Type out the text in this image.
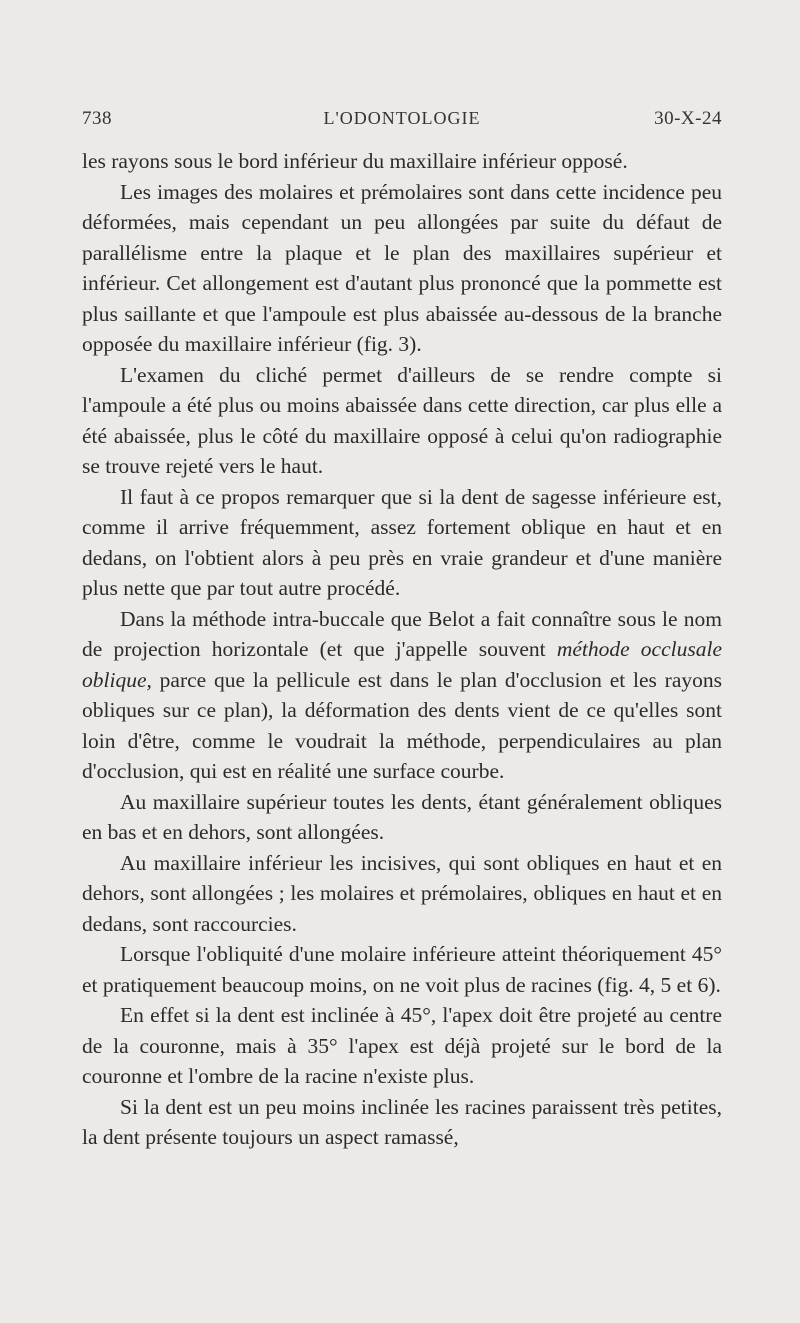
738	L'ODONTOLOGIE	30-X-24

les rayons sous le bord inférieur du maxillaire inférieur opposé.

Les images des molaires et prémolaires sont dans cette incidence peu déformées, mais cependant un peu allongées par suite du défaut de parallélisme entre la plaque et le plan des maxillaires supérieur et inférieur. Cet allongement est d'autant plus prononcé que la pommette est plus saillante et que l'ampoule est plus abaissée au-dessous de la branche opposée du maxillaire inférieur (fig. 3).

L'examen du cliché permet d'ailleurs de se rendre compte si l'ampoule a été plus ou moins abaissée dans cette direction, car plus elle a été abaissée, plus le côté du maxillaire opposé à celui qu'on radiographie se trouve rejeté vers le haut.

Il faut à ce propos remarquer que si la dent de sagesse inférieure est, comme il arrive fréquemment, assez fortement oblique en haut et en dedans, on l'obtient alors à peu près en vraie grandeur et d'une manière plus nette que par tout autre procédé.

Dans la méthode intra-buccale que Belot a fait connaître sous le nom de projection horizontale (et que j'appelle souvent méthode occlusale oblique, parce que la pellicule est dans le plan d'occlusion et les rayons obliques sur ce plan), la déformation des dents vient de ce qu'elles sont loin d'être, comme le voudrait la méthode, perpendiculaires au plan d'occlusion, qui est en réalité une surface courbe.

Au maxillaire supérieur toutes les dents, étant généralement obliques en bas et en dehors, sont allongées.

Au maxillaire inférieur les incisives, qui sont obliques en haut et en dehors, sont allongées ; les molaires et prémolaires, obliques en haut et en dedans, sont raccourcies.

Lorsque l'obliquité d'une molaire inférieure atteint théoriquement 45° et pratiquement beaucoup moins, on ne voit plus de racines (fig. 4, 5 et 6).

En effet si la dent est inclinée à 45°, l'apex doit être projeté au centre de la couronne, mais à 35° l'apex est déjà projeté sur le bord de la couronne et l'ombre de la racine n'existe plus.

Si la dent est un peu moins inclinée les racines paraissent très petites, la dent présente toujours un aspect ramassé,
